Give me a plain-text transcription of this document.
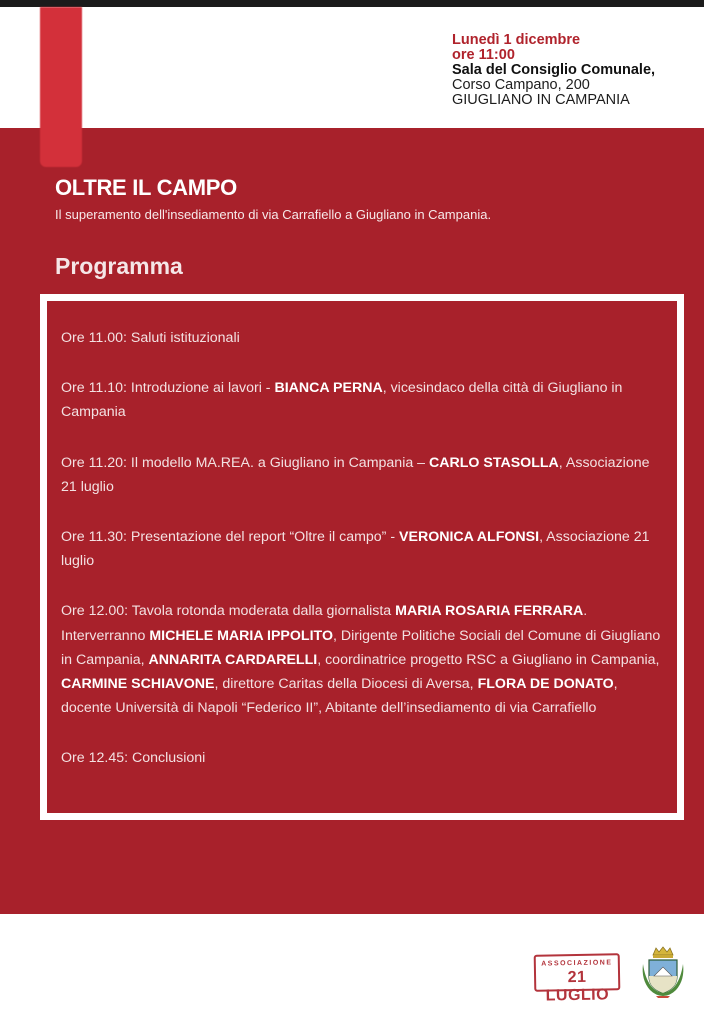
Lunedì 1 dicembre
ore 11:00
Sala del Consiglio Comunale,
Corso Campano, 200
GIUGLIANO IN CAMPANIA
OLTRE IL CAMPO

Il superamento dell'insediamento di via Carrafiello a Giugliano in Campania.

Programma

Ore 11.00: Saluti istituzionali

Ore 11.10: Introduzione ai lavori - BIANCA PERNA, vicesindaco della città di Giugliano in Campania

Ore 11.20: Il modello MA.REA. a Giugliano in Campania – CARLO STASOLLA, Associazione 21 luglio

Ore 11.30: Presentazione del report “Oltre il campo” - VERONICA ALFONSI, Associazione 21 luglio

Ore 12.00: Tavola rotonda moderata dalla giornalista MARIA ROSARIA FERRARA. Interverranno MICHELE MARIA IPPOLITO, Dirigente Politiche Sociali del Comune di Giugliano in Campania, ANNARITA CARDARELLI, coordinatrice progetto RSC a Giugliano in Campania, CARMINE SCHIAVONE, direttore Caritas della Diocesi di Aversa, FLORA DE DONATO, docente Università di Napoli “Federico II”, Abitante dell’insediamento di via Carrafiello

Ore 12.45: Conclusioni

ASSOCIAZIONE
21 LUGLIO
